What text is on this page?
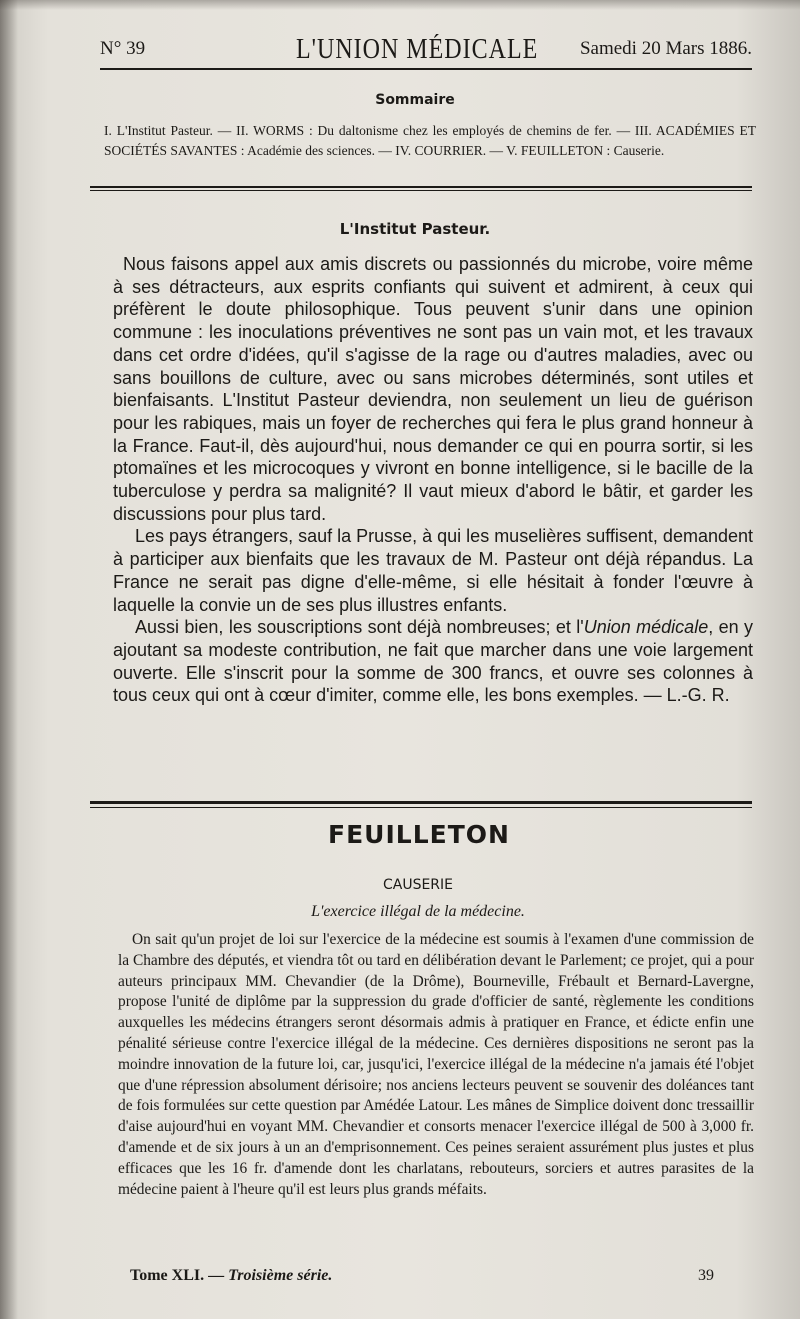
N° 39	L'UNION MÉDICALE Samedi 20 Mars 1886.
Sommaire
I. L'Institut Pasteur. — II. WORMS : Du daltonisme chez les employés de chemins de fer. — III. ACADÉMIES ET SOCIÉTÉS SAVANTES : Académie des sciences. — IV. COURRIER. — V. FEUILLETON : Causerie.
L'Institut Pasteur.

Nous faisons appel aux amis discrets ou passionnés du microbe, voire même à ses détracteurs, aux esprits confiants qui suivent et admirent, à ceux qui préfèrent le doute philosophique. Tous peuvent s'unir dans une opinion commune : les inoculations préventives ne sont pas un vain mot, et les travaux dans cet ordre d'idées, qu'il s'agisse de la rage ou d'autres maladies, avec ou sans bouillons de culture, avec ou sans microbes déterminés, sont utiles et bienfaisants. L'Institut Pasteur deviendra, non seulement un lieu de guérison pour les rabiques, mais un foyer de recherches qui fera le plus grand honneur à la France. Faut-il, dès aujourd'hui, nous demander ce qui en pourra sortir, si les ptomaïnes et les microcoques y vivront en bonne intelligence, si le bacille de la tuberculose y perdra sa malignité? Il vaut mieux d'abord le bâtir, et garder les discussions pour plus tard.

Les pays étrangers, sauf la Prusse, à qui les muselières suffisent, demandent à participer aux bienfaits que les travaux de M. Pasteur ont déjà répandus. La France ne serait pas digne d'elle-même, si elle hésitait à fonder l'œuvre à laquelle la convie un de ses plus illustres enfants.

Aussi bien, les souscriptions sont déjà nombreuses; et l'Union médicale, en y ajoutant sa modeste contribution, ne fait que marcher dans une voie largement ouverte. Elle s'inscrit pour la somme de 300 francs, et ouvre ses colonnes à tous ceux qui ont à cœur d'imiter, comme elle, les bons exemples. — L.-G. R.

FEUILLETON
CAUSERIE
L'exercice illégal de la médecine.

On sait qu'un projet de loi sur l'exercice de la médecine est soumis à l'examen d'une commission de la Chambre des députés, et viendra tôt ou tard en délibération devant le Parlement; ce projet, qui a pour auteurs principaux MM. Chevandier (de la Drôme), Bourneville, Frébault et Bernard-Lavergne, propose l'unité de diplôme par la suppression du grade d'officier de santé, règlemente les conditions auxquelles les médecins étrangers seront désormais admis à pratiquer en France, et édicte enfin une pénalité sérieuse contre l'exercice illégal de la médecine. Ces dernières dispositions ne seront pas la moindre innovation de la future loi, car, jusqu'ici, l'exercice illégal de la médecine n'a jamais été l'objet que d'une répression absolument dérisoire; nos anciens lecteurs peuvent se souvenir des doléances tant de fois formulées sur cette question par Amédée Latour. Les mânes de Simplice doivent donc tressaillir d'aise aujourd'hui en voyant MM. Chevandier et consorts menacer l'exercice illégal de 500 à 3,000 fr. d'amende et de six jours à un an d'emprisonnement. Ces peines seraient assurément plus justes et plus efficaces que les 16 fr. d'amende dont les charlatans, rebouteurs, sorciers et autres parasites de la médecine paient à l'heure qu'il est leurs plus grands méfaits.

Tome XLI. — Troisième série.	39
